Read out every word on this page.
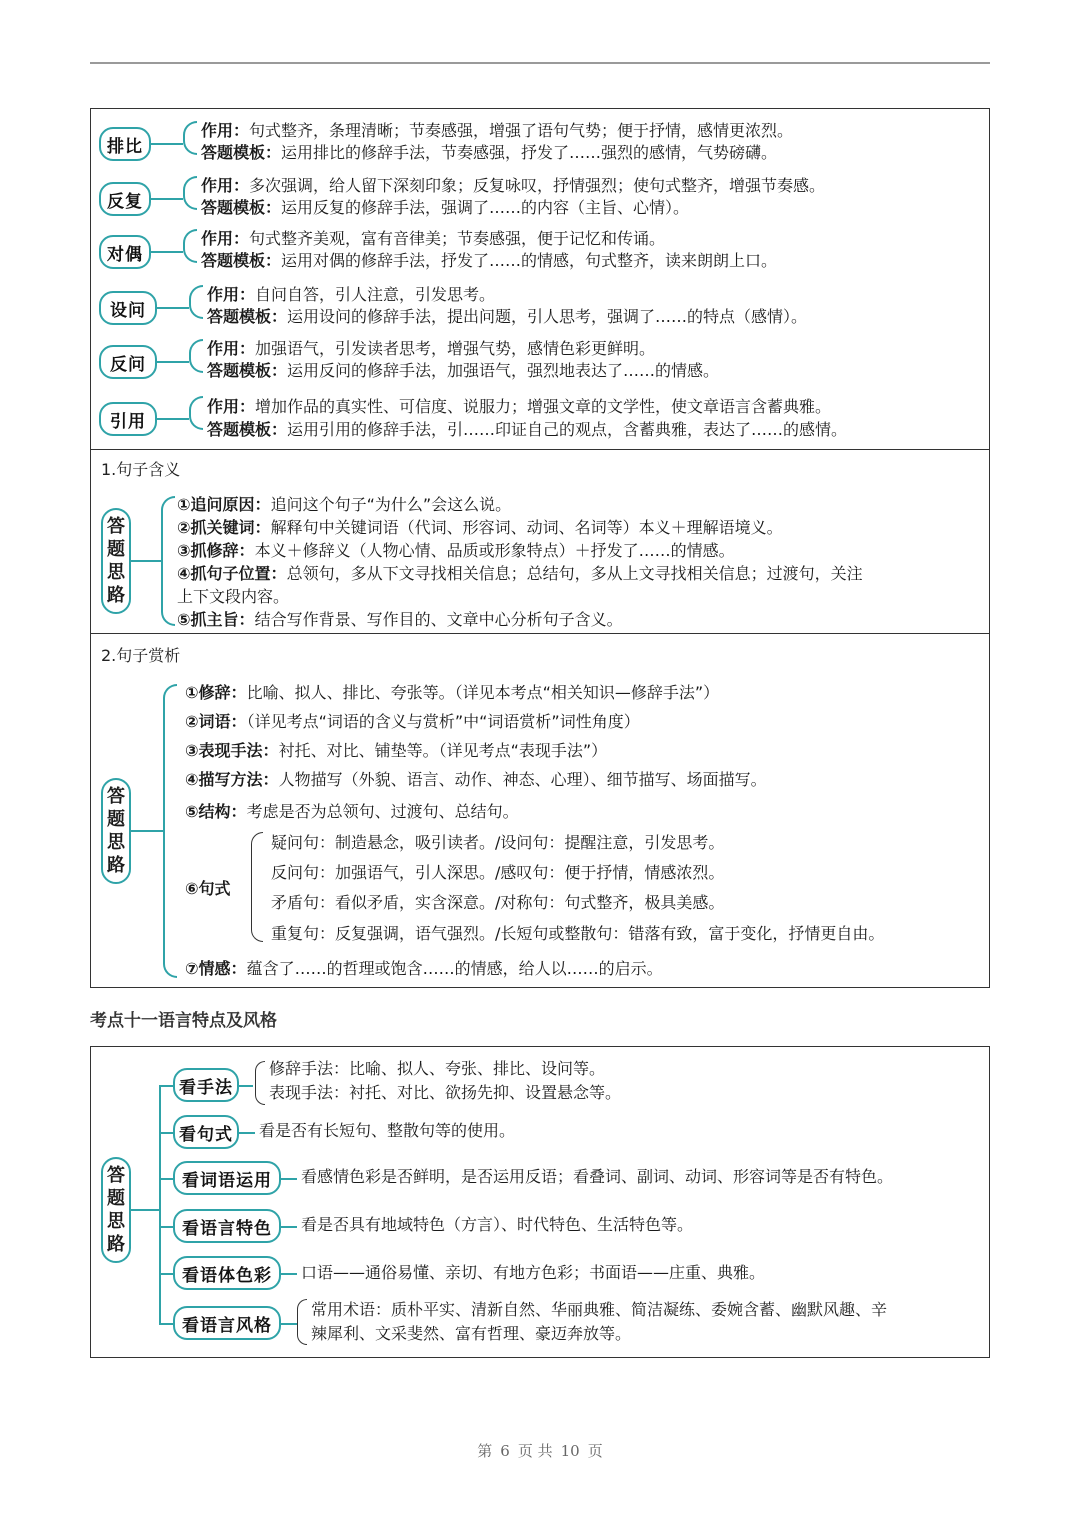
排比
作用：句式整齐，条理清晰；节奏感强，增强了语句气势；便于抒情，感情更浓烈。
答题模板：运用排比的修辞手法，节奏感强，抒发了……强烈的感情，气势磅礴。
反复
作用：多次强调，给人留下深刻印象；反复咏叹，抒情强烈；使句式整齐，增强节奏感。
答题模板：运用反复的修辞手法，强调了……的内容（主旨、心情）。
对偶
作用：句式整齐美观，富有音律美；节奏感强，便于记忆和传诵。
答题模板：运用对偶的修辞手法，抒发了……的情感，句式整齐，读来朗朗上口。
设问
作用：自问自答，引人注意，引发思考。
答题模板：运用设问的修辞手法，提出问题，引人思考，强调了……的特点（感情）。
反问
作用：加强语气，引发读者思考，增强气势，感情色彩更鲜明。
答题模板：运用反问的修辞手法，加强语气，强烈地表达了……的情感。
引用
作用：增加作品的真实性、可信度、说服力；增强文章的文学性，使文章语言含蓄典雅。
答题模板：运用引用的修辞手法，引……印证自己的观点，含蓄典雅，表达了……的感情。
1.句子含义
答
题
思
路
①追问原因：追问这个句子“为什么”会这么说。
②抓关键词：解释句中关键词语（代词、形容词、动词、名词等）本义＋理解语境义。
③抓修辞：本义＋修辞义（人物心情、品质或形象特点）＋抒发了……的情感。
④抓句子位置：总领句，多从下文寻找相关信息；总结句，多从上文寻找相关信息；过渡句，关注
上下文段内容。
⑤抓主旨：结合写作背景、写作目的、文章中心分析句子含义。
2.句子赏析
答
题
思
路
①修辞：比喻、拟人、排比、夸张等。（详见本考点“相关知识—修辞手法”）
②词语：（详见考点“词语的含义与赏析”中“词语赏析”词性角度）
③表现手法：衬托、对比、铺垫等。（详见考点“表现手法”）
④描写方法：人物描写（外貌、语言、动作、神态、心理）、细节描写、场面描写。
⑤结构：考虑是否为总领句、过渡句、总结句。
⑥句式
疑问句：制造悬念，吸引读者。/设问句：提醒注意，引发思考。
反问句：加强语气，引人深思。/感叹句：便于抒情，情感浓烈。
矛盾句：看似矛盾，实含深意。/对称句：句式整齐，极具美感。
重复句：反复强调，语气强烈。/长短句或整散句：错落有致，富于变化，抒情更自由。
⑦情感：蕴含了……的哲理或饱含……的情感，给人以……的启示。
考点十一语言特点及风格
答
题
思
路
看手法
修辞手法：比喻、拟人、夸张、排比、设问等。
表现手法：衬托、对比、欲扬先抑、设置悬念等。
看句式	看是否有长短句、整散句等的使用。
看词语运用	看感情色彩是否鲜明，是否运用反语；看叠词、副词、动词、形容词等是否有特色。
看语言特色	看是否具有地域特色（方言）、时代特色、生活特色等。
看语体色彩	口语——通俗易懂、亲切、有地方色彩；书面语——庄重、典雅。
看语言风格
常用术语：质朴平实、清新自然、华丽典雅、简洁凝练、委婉含蓄、幽默风趣、辛
辣犀利、文采斐然、富有哲理、豪迈奔放等。
第 6 页 共 10 页
